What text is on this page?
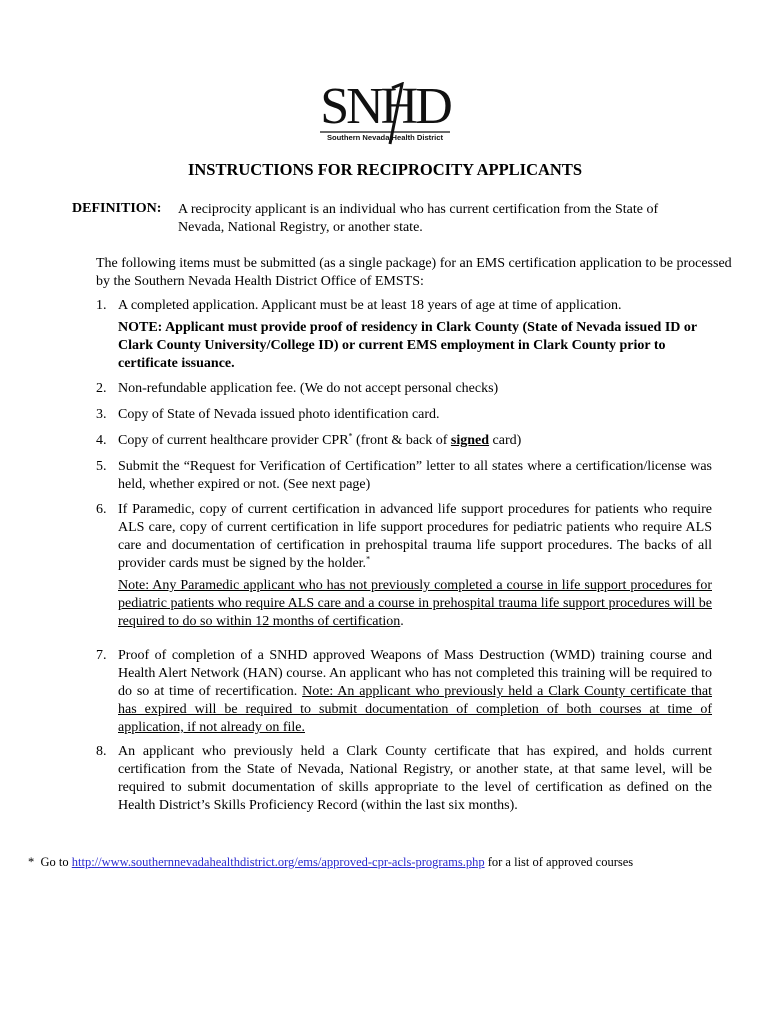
SNHD
Southern Nevada Health District
INSTRUCTIONS FOR RECIPROCITY APPLICANTS
DEFINITION: A reciprocity applicant is an individual who has current certification from the State of Nevada, National Registry, or another state.
The following items must be submitted (as a single package) for an EMS certification application to be processed by the Southern Nevada Health District Office of EMSTS:
1. A completed application. Applicant must be at least 18 years of age at time of application.
NOTE: Applicant must provide proof of residency in Clark County (State of Nevada issued ID or Clark County University/College ID) or current EMS employment in Clark County prior to certificate issuance.
2. Non-refundable application fee. (We do not accept personal checks)
3. Copy of State of Nevada issued photo identification card.
4. Copy of current healthcare provider CPR* (front & back of signed card)
5. Submit the “Request for Verification of Certification” letter to all states where a certification/license was held, whether expired or not. (See next page)
6. If Paramedic, copy of current certification in advanced life support procedures for patients who require ALS care, copy of current certification in life support procedures for pediatric patients who require ALS care and documentation of certification in prehospital trauma life support procedures. The backs of all provider cards must be signed by the holder.*
Note: Any Paramedic applicant who has not previously completed a course in life support procedures for pediatric patients who require ALS care and a course in prehospital trauma life support procedures will be required to do so within 12 months of certification.
7. Proof of completion of a SNHD approved Weapons of Mass Destruction (WMD) training course and Health Alert Network (HAN) course. An applicant who has not completed this training will be required to do so at time of recertification. Note: An applicant who previously held a Clark County certificate that has expired will be required to submit documentation of completion of both courses at time of application, if not already on file.
8. An applicant who previously held a Clark County certificate that has expired, and holds current certification from the State of Nevada, National Registry, or another state, at that same level, will be required to submit documentation of skills appropriate to the level of certification as defined on the Health District’s Skills Proficiency Record (within the last six months).
* Go to http://www.southernnevadahealthdistrict.org/ems/approved-cpr-acls-programs.php for a list of approved courses
